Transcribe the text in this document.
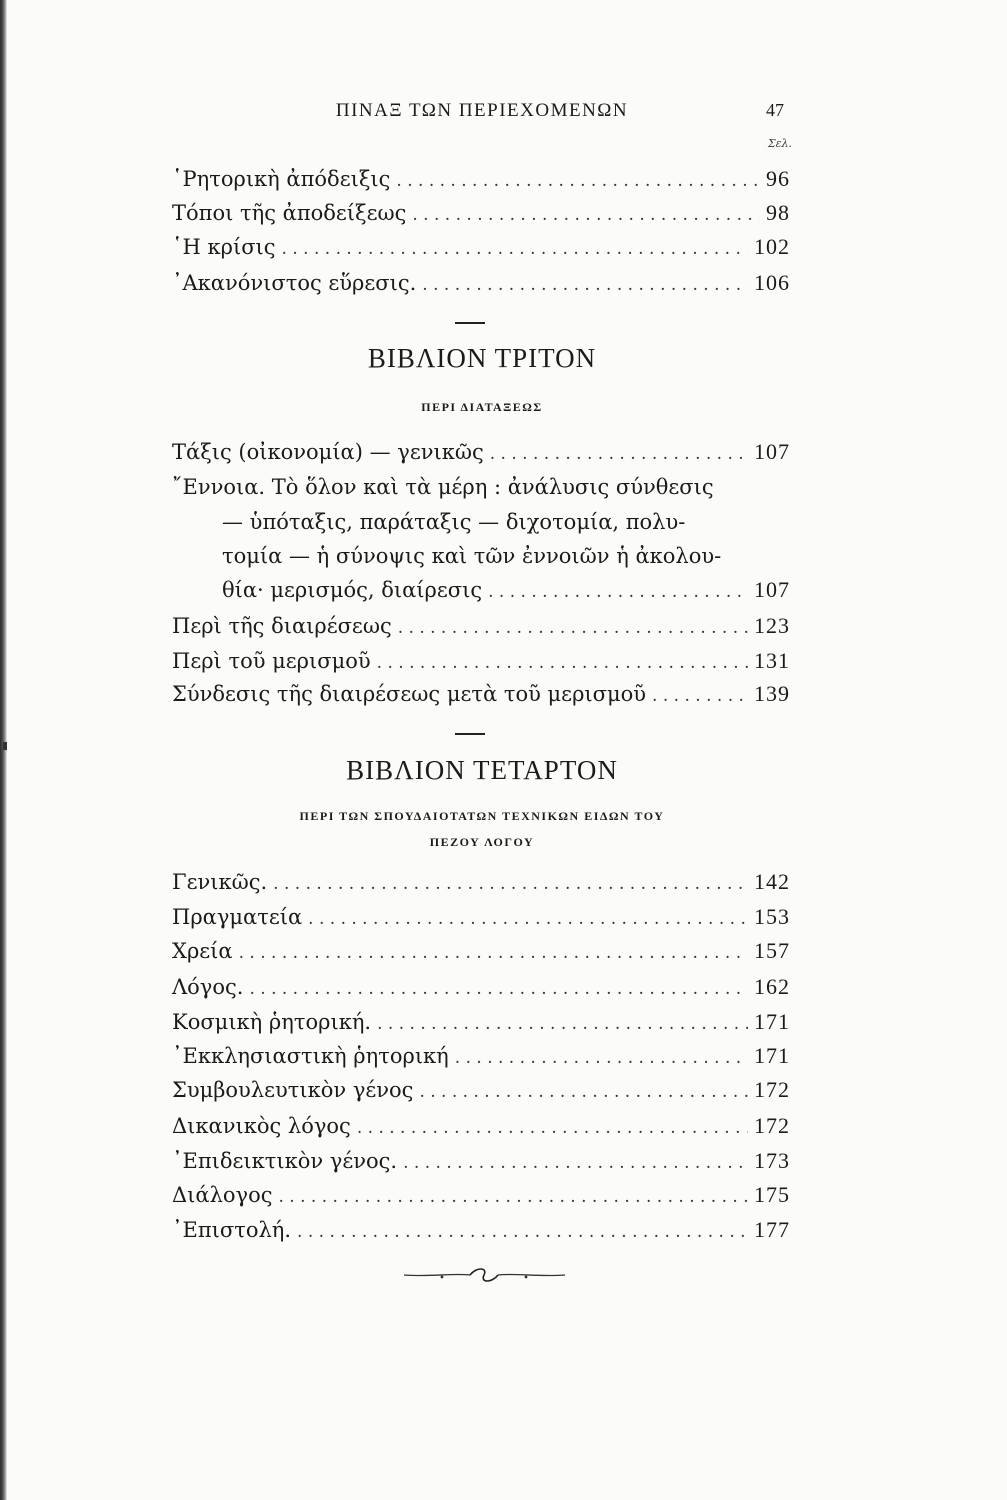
ΠΙΝΑΞ ΤΩΝ ΠΕΡΙΕΧΟΜΕΝΩΝ	47
Σελ.
῾Ρητορικὴ ἀπόδειξις . . .	96
Τόποι τῆς ἀποδείξεως . . .	98
῾Η κρίσις . . .	102
᾿Ακανόνιστος εὕρεσις. . . .	106
ΒΙΒΛΙΟΝ ΤΡΙΤΟΝ
ΠΕΡΙ ΔΙΑΤΑΞΕΩΣ
Τάξις (οἰκονομία) — γενικῶς . . .	107
῎Εννοια. Τὸ ὅλον καὶ τὰ μέρη : ἀνάλυσις σύνθεσις
— ὑπόταξις, παράταξις — διχοτομία, πολυ-
τομία — ἡ σύνοψις καὶ τῶν ἐννοιῶν ἡ ἀκολου-
θία· μερισμός, διαίρεσις . . .	107
Περὶ τῆς διαιρέσεως . . .	123
Περὶ τοῦ μερισμοῦ . . .	131
Σύνδεσις τῆς διαιρέσεως μετὰ τοῦ μερισμοῦ . . .	139
ΒΙΒΛΙΟΝ ΤΕΤΑΡΤΟΝ
ΠΕΡΙ ΤΩΝ ΣΠΟΥΔΑΙΟΤΑΤΩΝ ΤΕΧΝΙΚΩΝ ΕΙΔΩΝ ΤΟΥ
ΠΕΖΟΥ ΛΟΓΟΥ
Γενικῶς. . . .	142
Πραγματεία . . .	153
Χρεία . . .	157
Λόγος. . . .	162
Κοσμικὴ ῥητορική. . . .	171
᾿Εκκλησιαστικὴ ῥητορική . . .	171
Συμβουλευτικὸν γένος . . .	172
Δικανικὸς λόγος . . .	172
᾿Επιδεικτικὸν γένος. . . .	173
Διάλογος . . .	175
᾿Επιστολή. . . .	177
